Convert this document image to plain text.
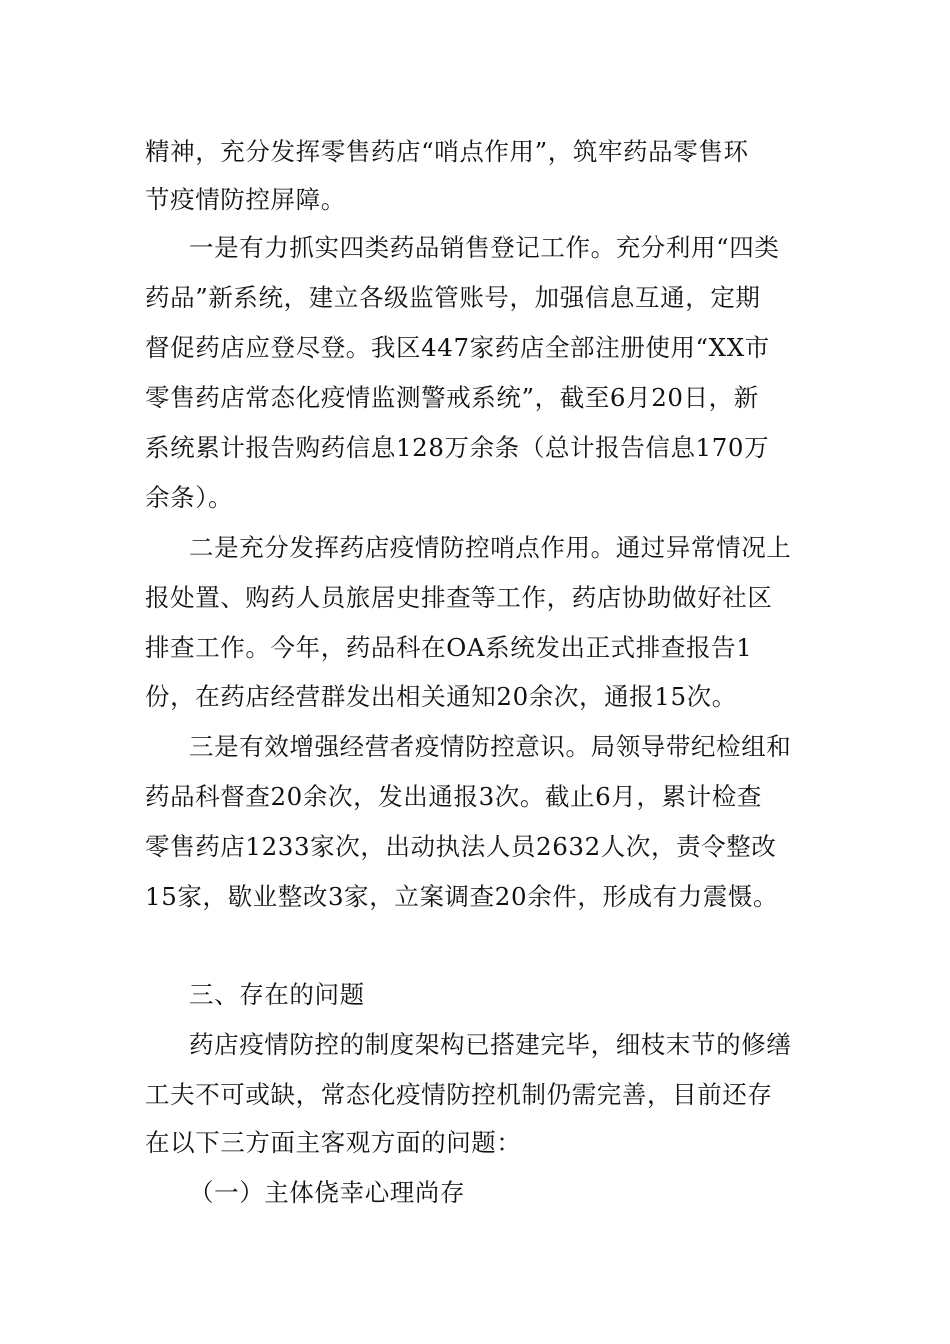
精神，充分发挥零售药店“哨点作用”，筑牢药品零售环
节疫情防控屏障。
一是有力抓实四类药品销售登记工作。充分利用“四类
药品”新系统，建立各级监管账号，加强信息互通，定期
督促药店应登尽登。我区447家药店全部注册使用“XX市
零售药店常态化疫情监测警戒系统”，截至6月20日，新
系统累计报告购药信息128万余条（总计报告信息170万
余条）。
二是充分发挥药店疫情防控哨点作用。通过异常情况上
报处置、购药人员旅居史排查等工作，药店协助做好社区
排查工作。今年，药品科在OA系统发出正式排查报告1
份，在药店经营群发出相关通知20余次，通报15次。
三是有效增强经营者疫情防控意识。局领导带纪检组和
药品科督查20余次，发出通报3次。截止6月，累计检查
零售药店1233家次，出动执法人员2632人次，责令整改
15家，歇业整改3家，立案调查20余件，形成有力震慑。
三、存在的问题
药店疫情防控的制度架构已搭建完毕，细枝末节的修缮
工夫不可或缺，常态化疫情防控机制仍需完善，目前还存
在以下三方面主客观方面的问题：
（一）主体侥幸心理尚存
